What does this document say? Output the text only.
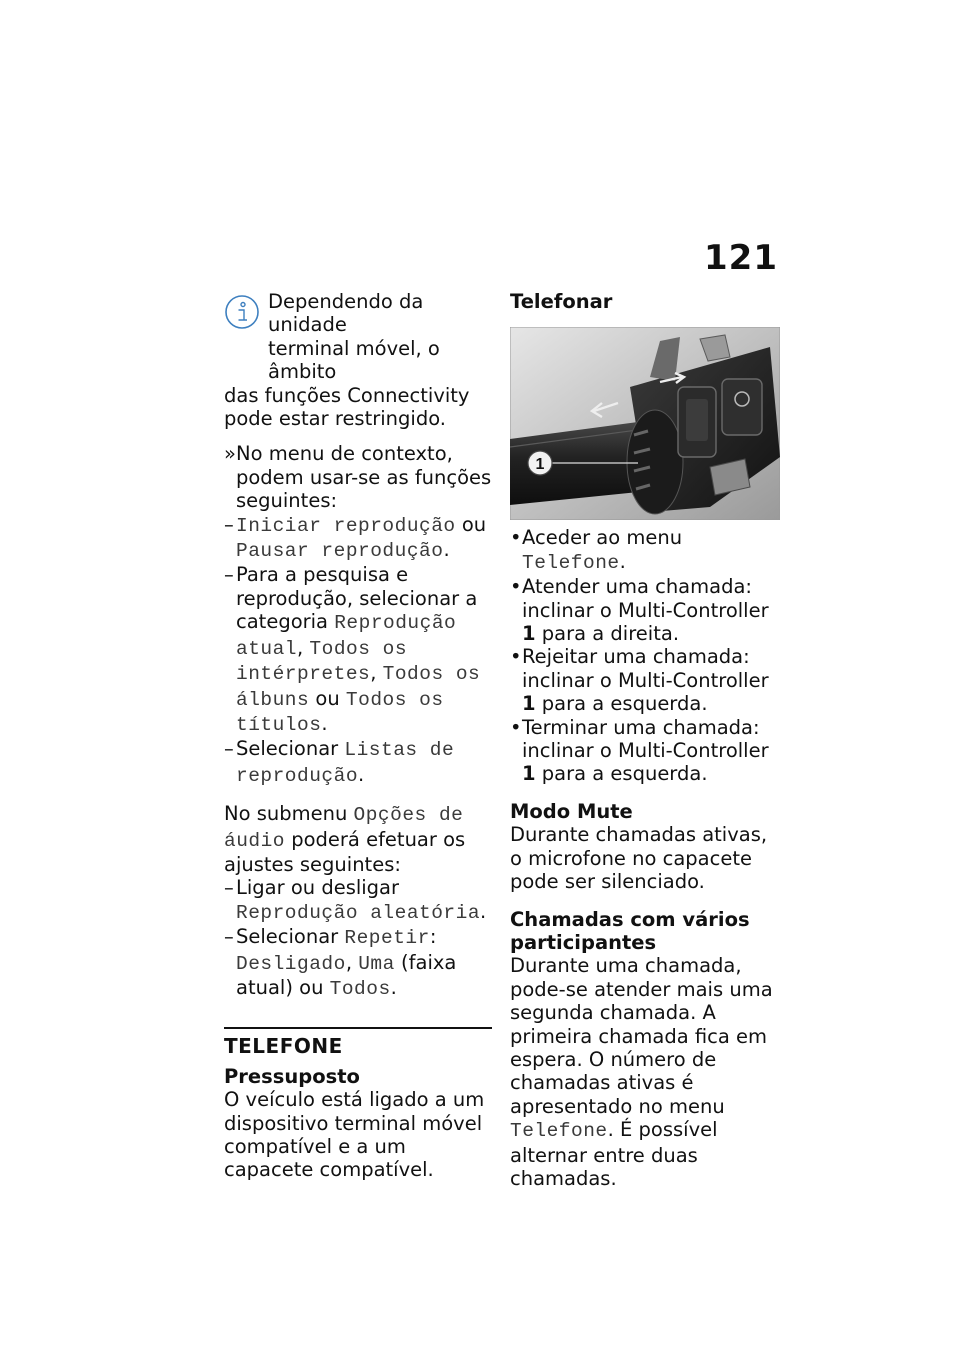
121
Dependendo da unidade
terminal móvel, o âmbito
das funções Connectivity pode estar restringido.
» No menu de contexto, podem usar-se as funções seguintes:
– Iniciar reprodução ou Pausar reprodução.
– Para a pesquisa e reprodução, selecionar a categoria Reprodução atual, Todos os intérpretes, Todos os álbuns ou Todos os títulos.
– Selecionar Listas de reprodução.

No submenu Opções de áudio poderá efetuar os ajustes seguintes:

– Ligar ou desligar Reprodução aleatória.
– Selecionar Repetir: Desligado, Uma (faixa atual) ou Todos.
TELEFONE
Pressuposto

O veículo está ligado a um dispositivo terminal móvel compatível e a um capacete compatível.

Telefonar
1
• Aceder ao menu Telefone.
• Atender uma chamada: inclinar o Multi-Controller 1 para a direita.
• Rejeitar uma chamada: inclinar o Multi-Controller 1 para a esquerda.
• Terminar uma chamada: inclinar o Multi-Controller 1 para a esquerda.
Modo Mute

Durante chamadas ativas, o microfone no capacete pode ser silenciado.

Chamadas com vários participantes

Durante uma chamada, pode-se atender mais uma segunda chamada. A primeira chamada fica em espera. O número de chamadas ativas é apresentado no menu Telefone. É possível alternar entre duas chamadas.
